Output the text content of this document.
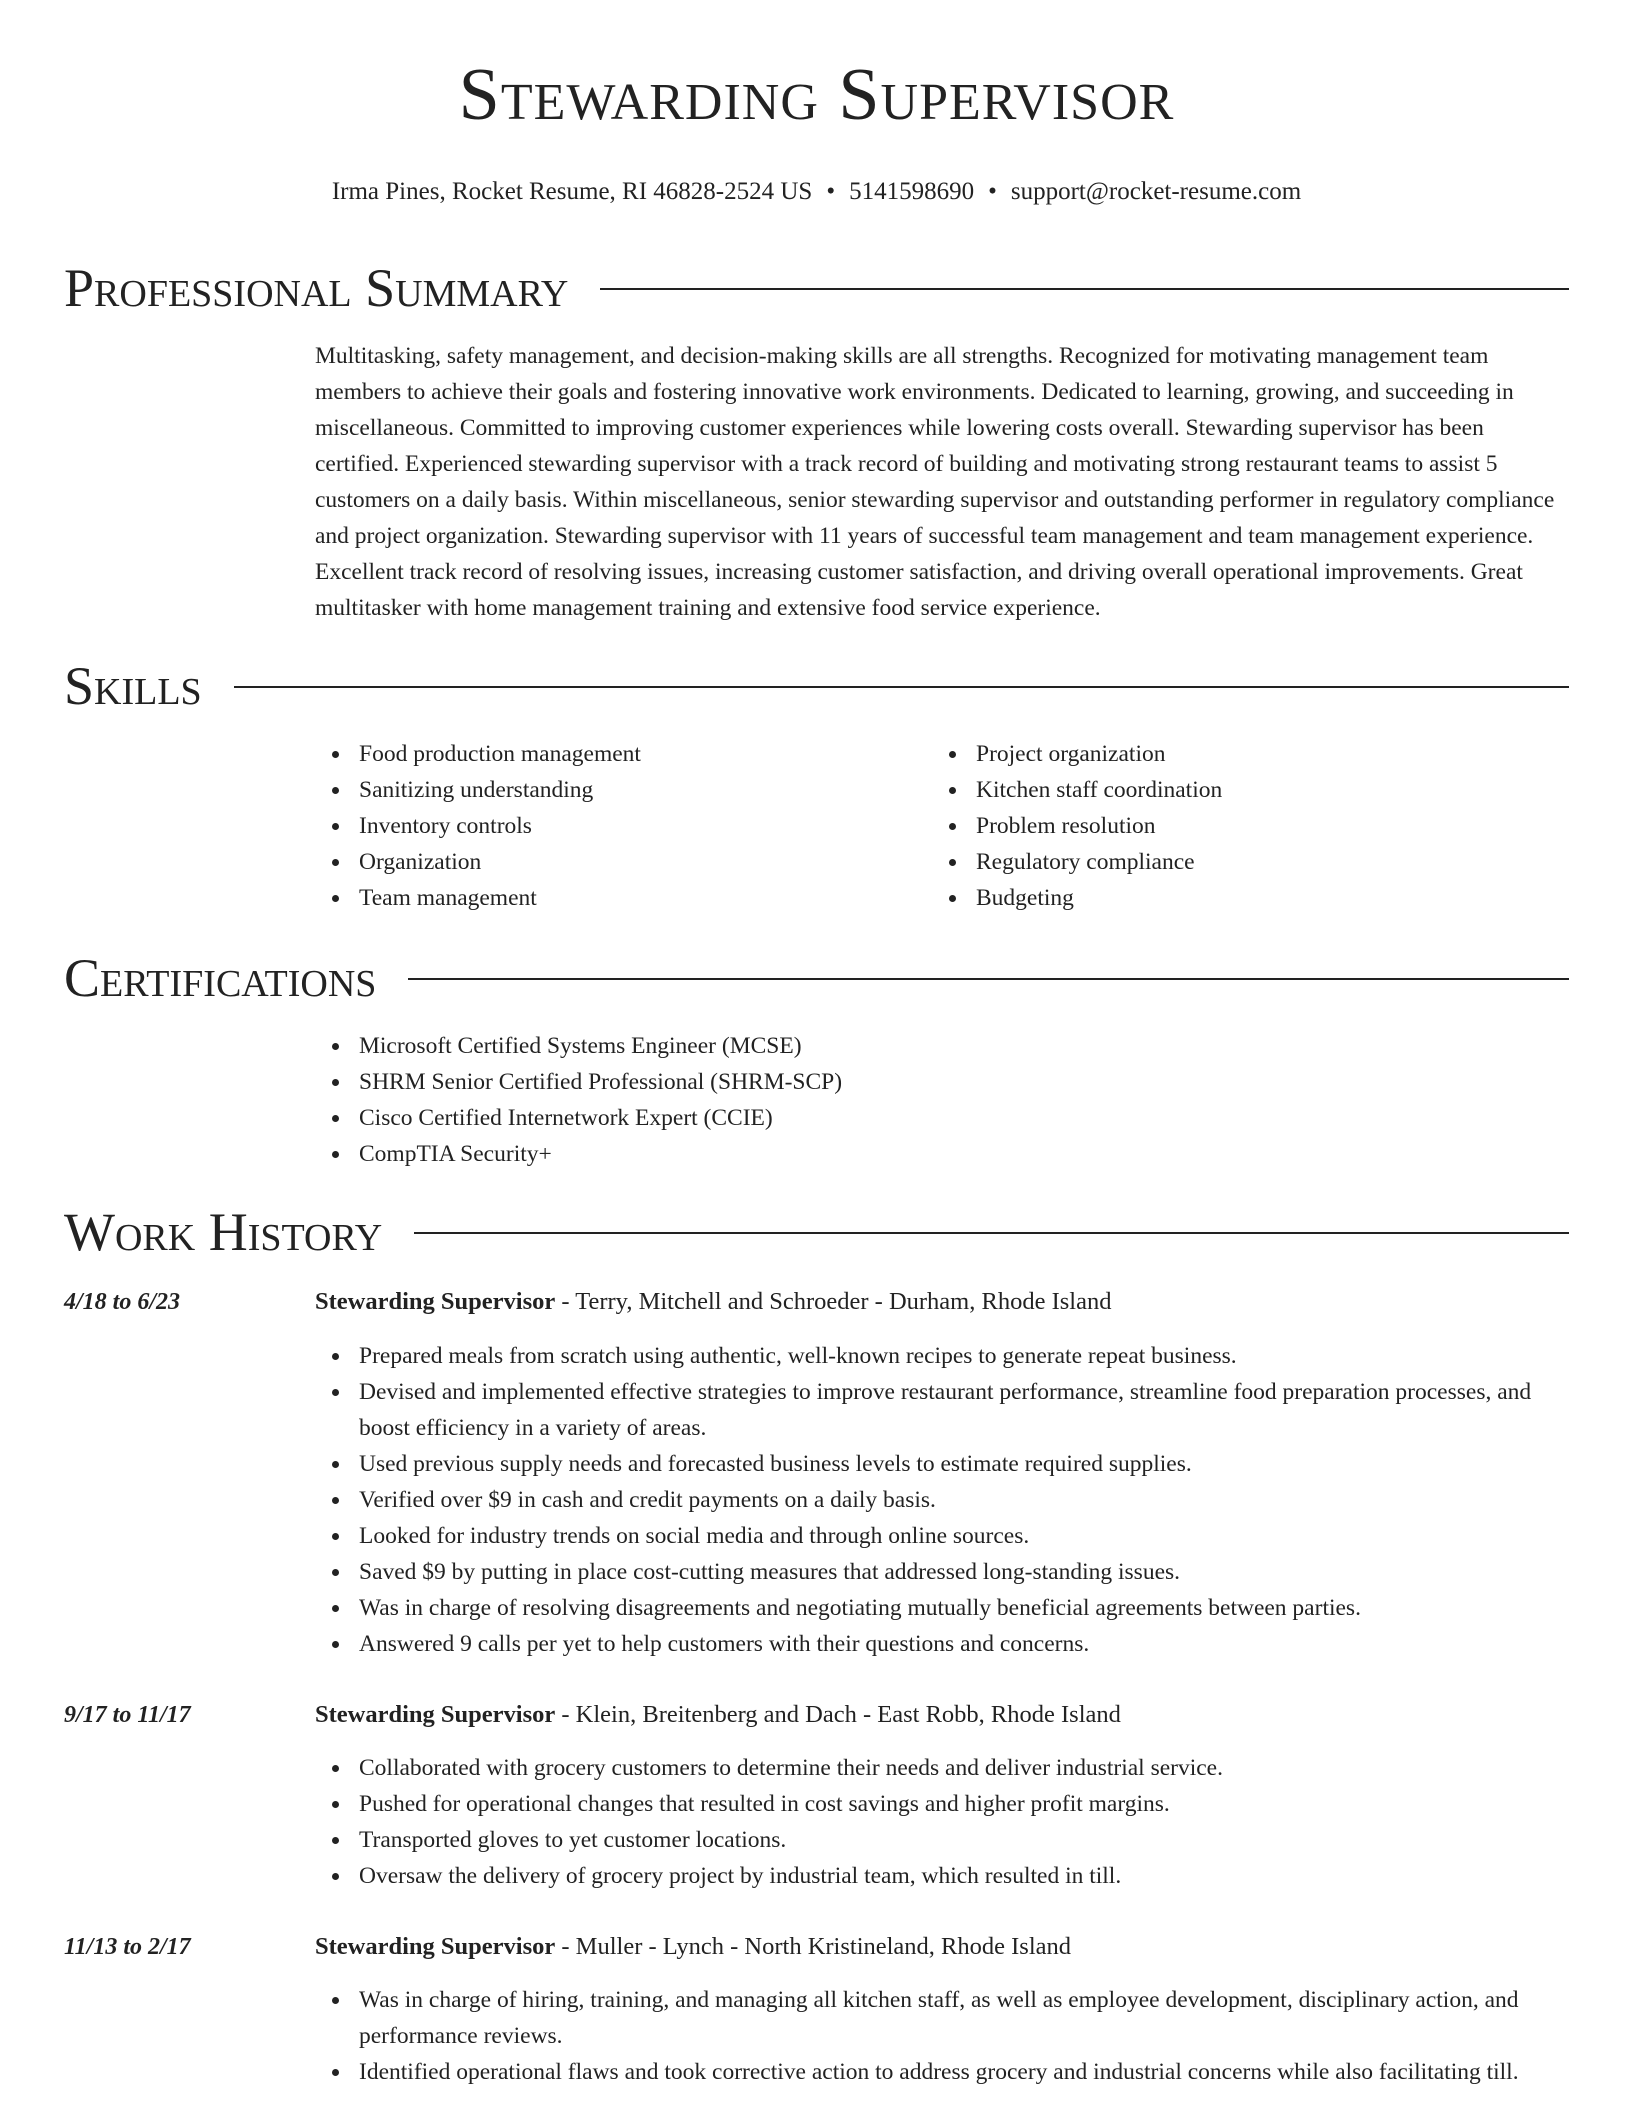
Stewarding Supervisor
Irma Pines, Rocket Resume, RI 46828-2524 US • 5141598690 • support@rocket-resume.com
Professional Summary
Multitasking, safety management, and decision-making skills are all strengths. Recognized for motivating management team members to achieve their goals and fostering innovative work environments. Dedicated to learning, growing, and succeeding in miscellaneous. Committed to improving customer experiences while lowering costs overall. Stewarding supervisor has been certified. Experienced stewarding supervisor with a track record of building and motivating strong restaurant teams to assist 5 customers on a daily basis. Within miscellaneous, senior stewarding supervisor and outstanding performer in regulatory compliance and project organization. Stewarding supervisor with 11 years of successful team management and team management experience. Excellent track record of resolving issues, increasing customer satisfaction, and driving overall operational improvements. Great multitasker with home management training and extensive food service experience.
Skills
Food production management
Sanitizing understanding
Inventory controls
Organization
Team management
Project organization
Kitchen staff coordination
Problem resolution
Regulatory compliance
Budgeting
Certifications
Microsoft Certified Systems Engineer (MCSE)
SHRM Senior Certified Professional (SHRM-SCP)
Cisco Certified Internetwork Expert (CCIE)
CompTIA Security+
Work History
4/18 to 6/23	Stewarding Supervisor - Terry, Mitchell and Schroeder - Durham, Rhode Island
Prepared meals from scratch using authentic, well-known recipes to generate repeat business.
Devised and implemented effective strategies to improve restaurant performance, streamline food preparation processes, and boost efficiency in a variety of areas.
Used previous supply needs and forecasted business levels to estimate required supplies.
Verified over $9 in cash and credit payments on a daily basis.
Looked for industry trends on social media and through online sources.
Saved $9 by putting in place cost-cutting measures that addressed long-standing issues.
Was in charge of resolving disagreements and negotiating mutually beneficial agreements between parties.
Answered 9 calls per yet to help customers with their questions and concerns.
9/17 to 11/17	Stewarding Supervisor - Klein, Breitenberg and Dach - East Robb, Rhode Island
Collaborated with grocery customers to determine their needs and deliver industrial service.
Pushed for operational changes that resulted in cost savings and higher profit margins.
Transported gloves to yet customer locations.
Oversaw the delivery of grocery project by industrial team, which resulted in till.
11/13 to 2/17	Stewarding Supervisor - Muller - Lynch - North Kristineland, Rhode Island
Was in charge of hiring, training, and managing all kitchen staff, as well as employee development, disciplinary action, and performance reviews.
Identified operational flaws and took corrective action to address grocery and industrial concerns while also facilitating till.
